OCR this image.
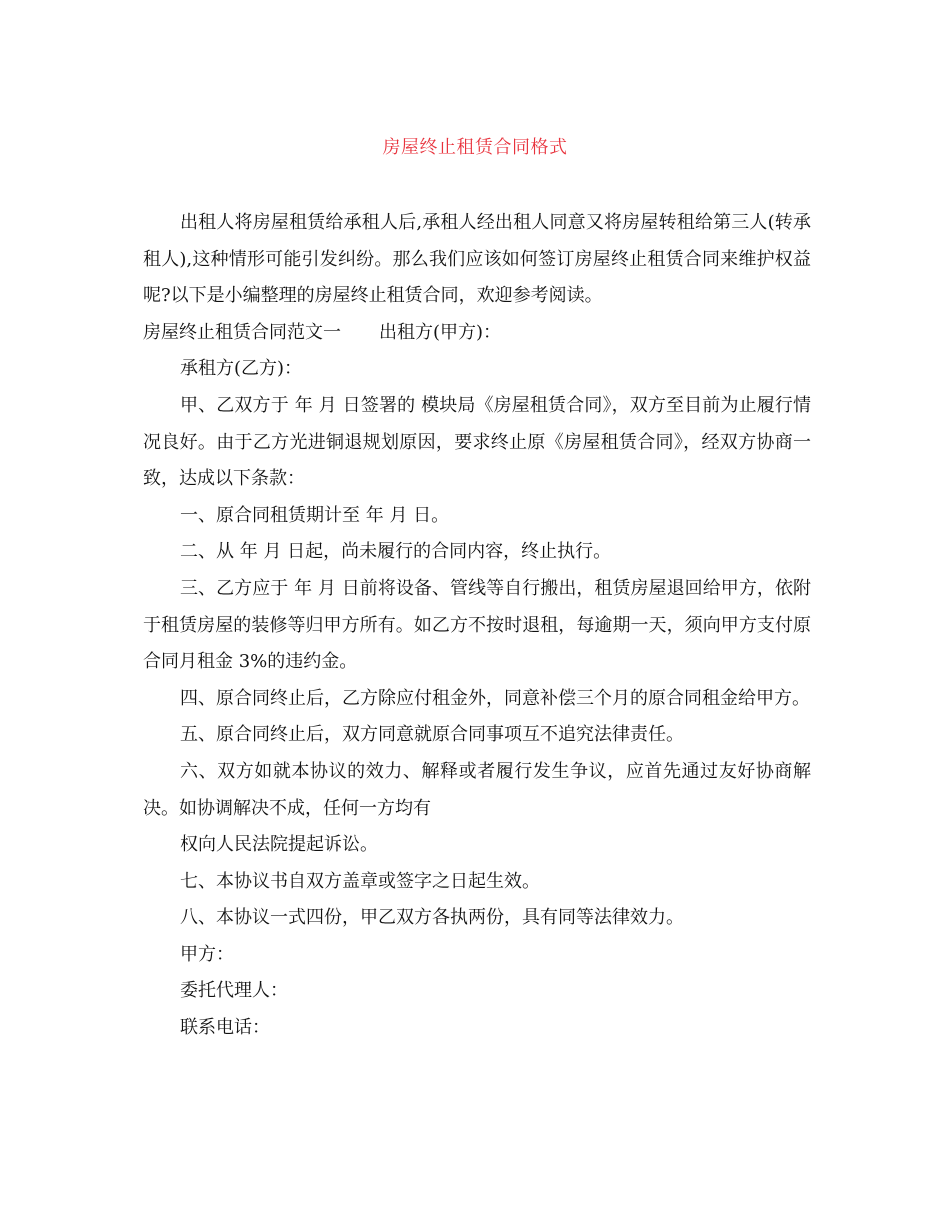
房屋终止租赁合同格式

出租人将房屋租赁给承租人后,承租人经出租人同意又将房屋转租给第三人(转承租人),这种情形可能引发纠纷。那么我们应该如何签订房屋终止租赁合同来维护权益呢?以下是小编整理的房屋终止租赁合同，欢迎参考阅读。

房屋终止租赁合同范文一 出租方(甲方)：

承租方(乙方)：

甲、乙双方于 年 月 日签署的 模块局《房屋租赁合同》，双方至目前为止履行情况良好。由于乙方光进铜退规划原因，要求终止原《房屋租赁合同》，经双方协商一致，达成以下条款：

一、原合同租赁期计至 年 月 日。

二、从 年 月 日起，尚未履行的合同内容，终止执行。

三、乙方应于 年 月 日前将设备、管线等自行搬出，租赁房屋退回给甲方，依附于租赁房屋的装修等归甲方所有。如乙方不按时退租，每逾期一天，须向甲方支付原合同月租金 3%的违约金。

四、原合同终止后，乙方除应付租金外，同意补偿三个月的原合同租金给甲方。

五、原合同终止后，双方同意就原合同事项互不追究法律责任。

六、双方如就本协议的效力、解释或者履行发生争议，应首先通过友好协商解决。如协调解决不成，任何一方均有

权向人民法院提起诉讼。

七、本协议书自双方盖章或签字之日起生效。

八、本协议一式四份，甲乙双方各执两份，具有同等法律效力。

甲方：

委托代理人：

联系电话：
